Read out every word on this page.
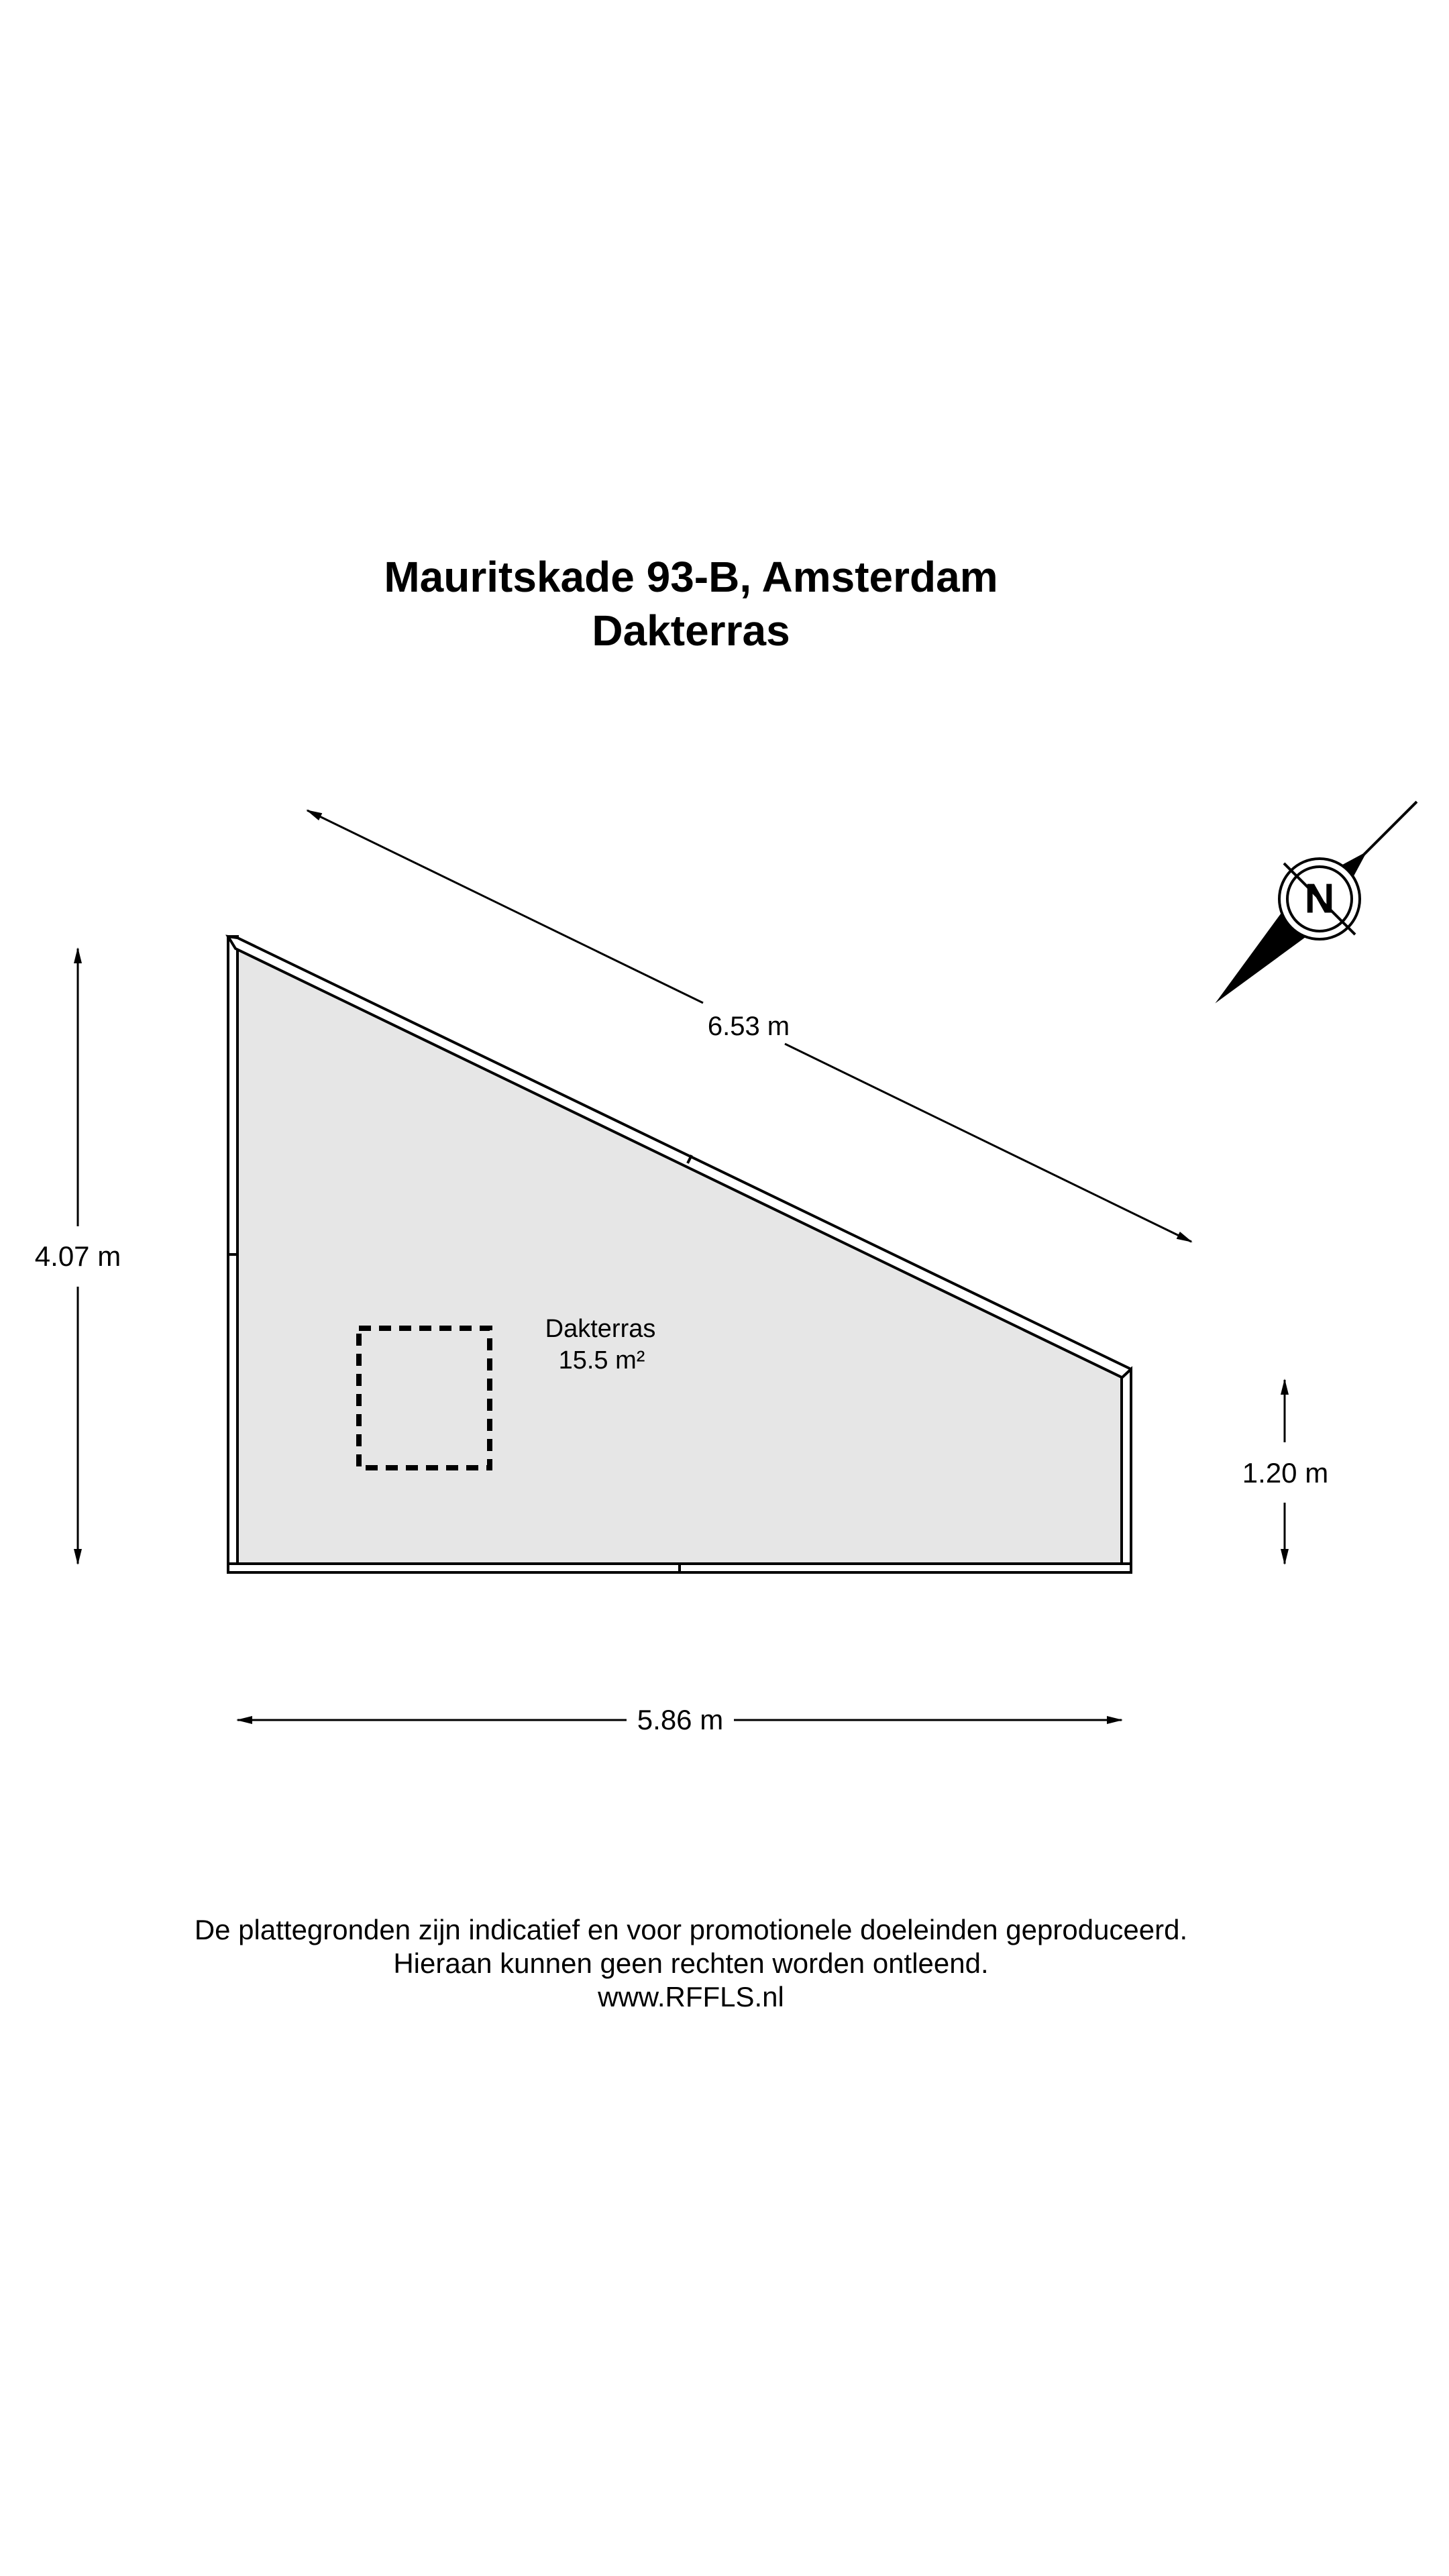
Mauritskade 93-B, Amsterdam
Dakterras
Dakterras
15.5 m²
6.53 m
4.07 m
1.20 m
5.86 m
N
De plattegronden zijn indicatief en voor promotionele doeleinden geproduceerd.
Hieraan kunnen geen rechten worden ontleend.
www.RFFLS.nl
